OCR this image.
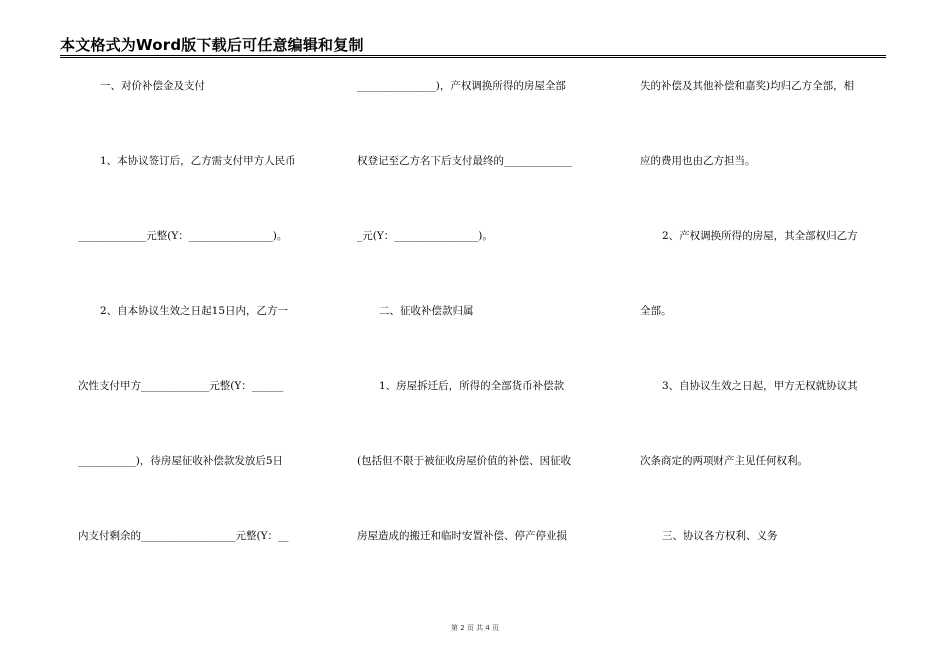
本文格式为Word版下载后可任意编辑和复制
一、对价补偿金及支付
1、本协议签订后，乙方需支付甲方人民币
_____________元整(Y：________________)。
2、自本协议生效之日起15日内，乙方一
次性支付甲方_____________元整(Y：______
___________)，待房屋征收补偿款发放后5日
内支付剩余的__________________元整(Y：__
_______________)，产权调换所得的房屋全部
权登记至乙方名下后支付最终的_____________
_元(Y：________________)。
二、征收补偿款归属
1、房屋拆迁后，所得的全部货币补偿款
(包括但不限于被征收房屋价值的补偿、因征收
房屋造成的搬迁和临时安置补偿、停产停业损
失的补偿及其他补偿和嘉奖)均归乙方全部，相
应的费用也由乙方担当。
2、产权调换所得的房屋，其全部权归乙方
全部。
3、自协议生效之日起，甲方无权就协议其
次条商定的两项财产主见任何权利。
三、协议各方权利、义务
第 2 页 共 4 页
